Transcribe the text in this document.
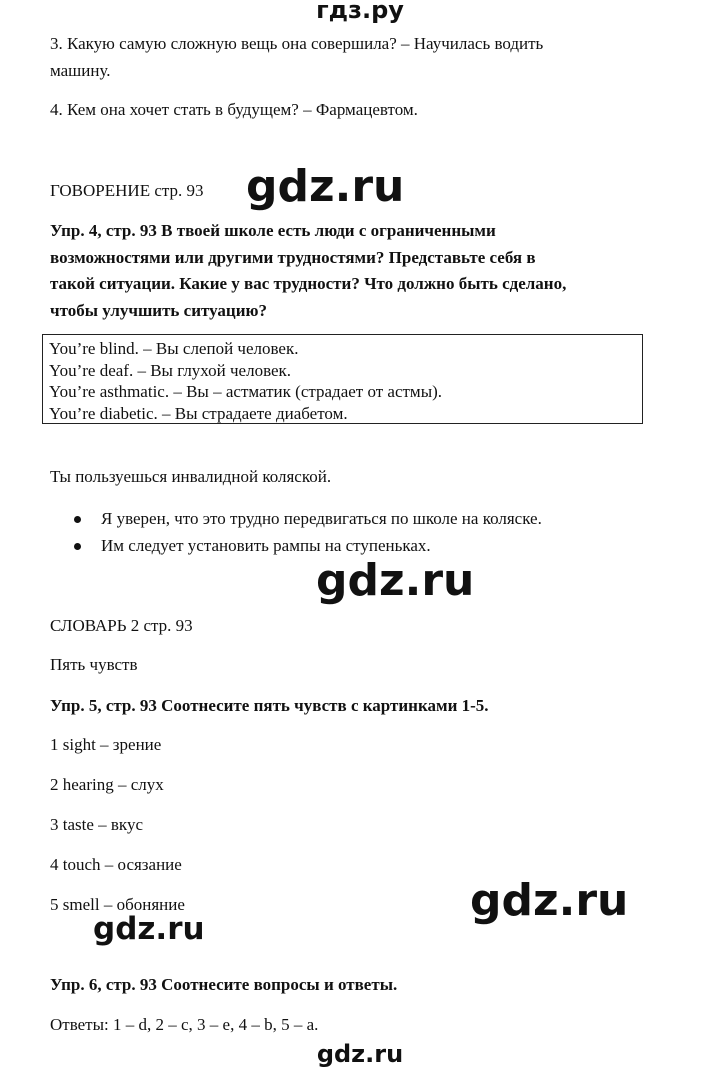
гдз.ру
3. Какую самую сложную вещь она совершила? – Научилась водить
машину.
4. Кем она хочет стать в будущем? – Фармацевтом.
ГОВОРЕНИЕ стр. 93 gdz.ru
Упр. 4, стр. 93 В твоей школе есть люди с ограниченными
возможностями или другими трудностями? Представьте себя в
такой ситуации. Какие у вас трудности? Что должно быть сделано,
чтобы улучшить ситуацию?
You’re blind. – Вы слепой человек.
You’re deaf. – Вы глухой человек.
You’re asthmatic. – Вы – астматик (страдает от астмы).
You’re diabetic. – Вы страдаете диабетом.
Ты пользуешься инвалидной коляской.
Я уверен, что это трудно передвигаться по школе на коляске.
Им следует установить рампы на ступеньках.
gdz.ru
СЛОВАРЬ 2 стр. 93
Пять чувств
Упр. 5, стр. 93 Соотнесите пять чувств с картинками 1-5.
1 sight – зрение
2 hearing – слух
3 taste – вкус
4 touch – осязание
5 smell – обоняние	gdz.ru
gdz.ru
Упр. 6, стр. 93 Соотнесите вопросы и ответы.
Ответы: 1 – d, 2 – c, 3 – e, 4 – b, 5 – a.
gdz.ru
